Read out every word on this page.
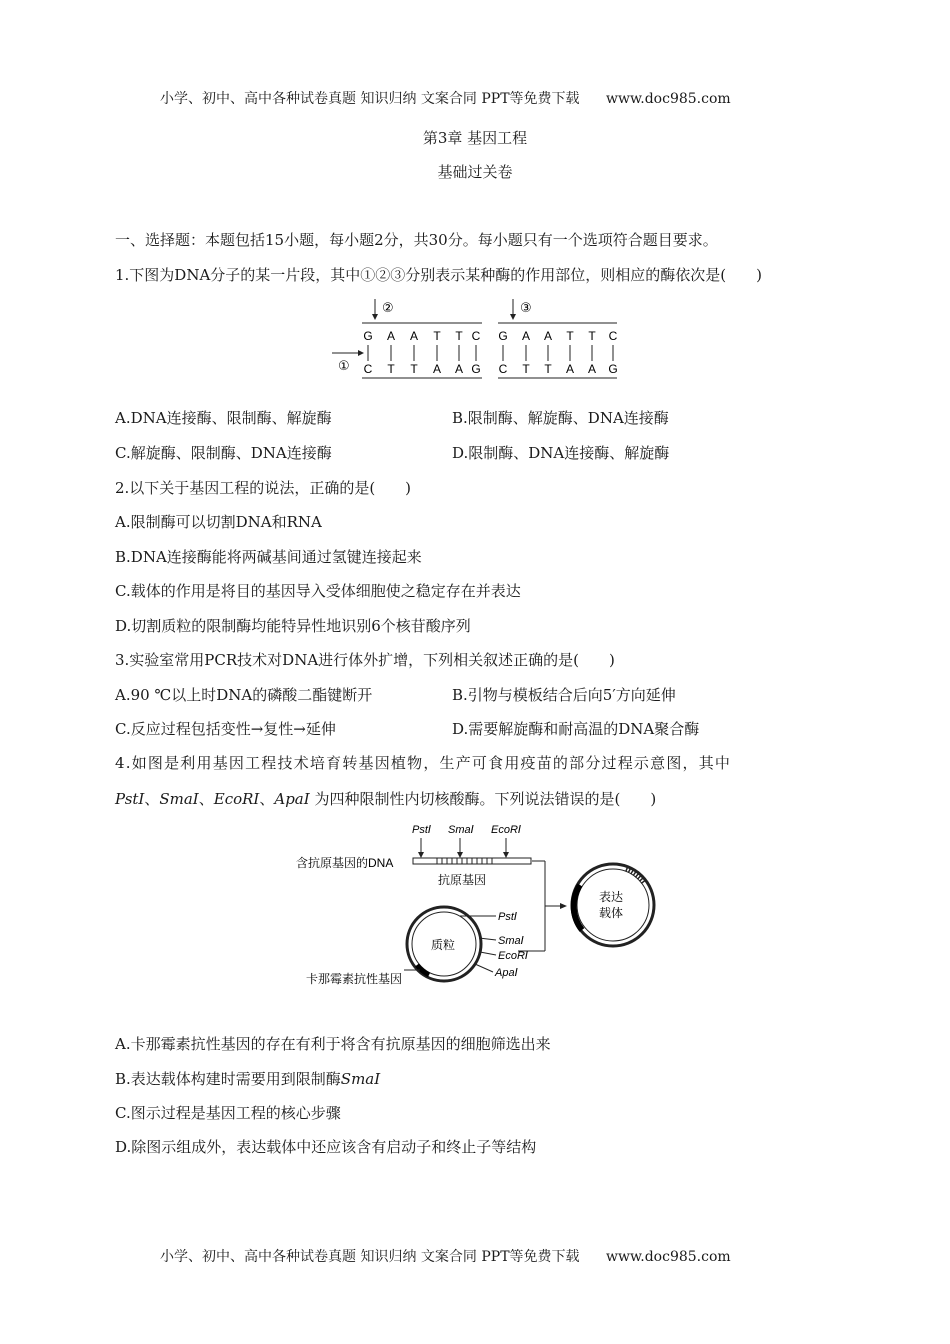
小学、初中、高中各种试卷真题 知识归纳 文案合同 PPT等免费下载 www.doc985.com
第3章 基因工程
基础过关卷
一、选择题：本题包括15小题，每小题2分，共30分。每小题只有一个选项符合题目要求。
1.下图为DNA分子的某一片段，其中①②③分别表示某种酶的作用部位，则相应的酶依次是(　　)
②	③
G A A T T C G A A T T C
C T T A A G C T T A A G
①
A.DNA连接酶、限制酶、解旋酶	B.限制酶、解旋酶、DNA连接酶
C.解旋酶、限制酶、DNA连接酶	D.限制酶、DNA连接酶、解旋酶
2.以下关于基因工程的说法，正确的是(　　)
A.限制酶可以切割DNA和RNA
B.DNA连接酶能将两碱基间通过氢键连接起来
C.载体的作用是将目的基因导入受体细胞使之稳定存在并表达
D.切割质粒的限制酶均能特异性地识别6个核苷酸序列
3.实验室常用PCR技术对DNA进行体外扩增，下列相关叙述正确的是(　　)
A.90 ℃以上时DNA的磷酸二酯键断开	B.引物与模板结合后向5′方向延伸
C.反应过程包括变性→复性→延伸	D.需要解旋酶和耐高温的DNA聚合酶
4.如图是利用基因工程技术培育转基因植物，生产可食用疫苗的部分过程示意图，其中
PstⅠ、SmaⅠ、EcoRⅠ、ApaⅠ 为四种限制性内切核酸酶。下列说法错误的是(　　)
PstⅠ SmaⅠ EcoRⅠ
含抗原基因的DNA
抗原基因
表达
载体
质粒
PstⅠ
SmaⅠ
EcoRⅠ
ApaⅠ
卡那霉素抗性基因
A.卡那霉素抗性基因的存在有利于将含有抗原基因的细胞筛选出来
B.表达载体构建时需要用到限制酶SmaⅠ
C.图示过程是基因工程的核心步骤
D.除图示组成外，表达载体中还应该含有启动子和终止子等结构
小学、初中、高中各种试卷真题 知识归纳 文案合同 PPT等免费下载 www.doc985.com
